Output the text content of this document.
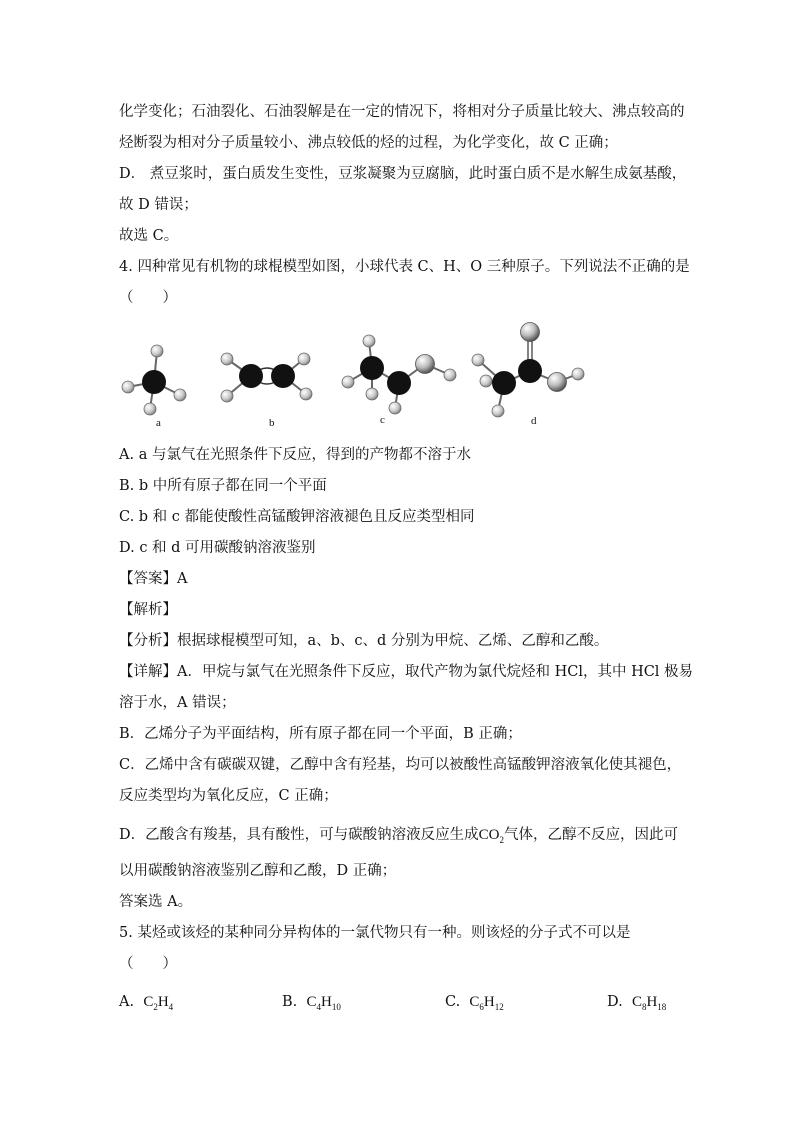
化学变化；石油裂化、石油裂解是在一定的情况下，将相对分子质量比较大、沸点较高的
烃断裂为相对分子质量较小、沸点较低的烃的过程，为化学变化，故 C 正确；
D． 煮豆浆时，蛋白质发生变性，豆浆凝聚为豆腐脑，此时蛋白质不是水解生成氨基酸，
故 D 错误；
故选 C。
4. 四种常见有机物的球棍模型如图，小球代表 C、H、O 三种原子。下列说法不正确的是
（　　）
a	b	c	d
A. a 与氯气在光照条件下反应，得到的产物都不溶于水
B. b 中所有原子都在同一个平面
C. b 和 c 都能使酸性高锰酸钾溶液褪色且反应类型相同
D. c 和 d 可用碳酸钠溶液鉴别
【答案】A
【解析】
【分析】根据球棍模型可知，a、b、c、d 分别为甲烷、乙烯、乙醇和乙酸。
【详解】A．甲烷与氯气在光照条件下反应，取代产物为氯代烷烃和 HCl，其中 HCl 极易
溶于水，A 错误；
B．乙烯分子为平面结构，所有原子都在同一个平面，B 正确；
C．乙烯中含有碳碳双键，乙醇中含有羟基，均可以被酸性高锰酸钾溶液氧化使其褪色，
反应类型均为氧化反应，C 正确；
D．乙酸含有羧基，具有酸性，可与碳酸钠溶液反应生成$CO_2$气体，乙醇不反应，因此可
以用碳酸钠溶液鉴别乙醇和乙酸，D 正确；
答案选 A。
5. 某烃或该烃的某种同分异构体的一氯代物只有一种。则该烃的分子式不可以是
（　　）
A. $C_2H_4$	B. $C_4H_{10}$	C. $C_6H_{12}$	D. $C_8H_{18}$
